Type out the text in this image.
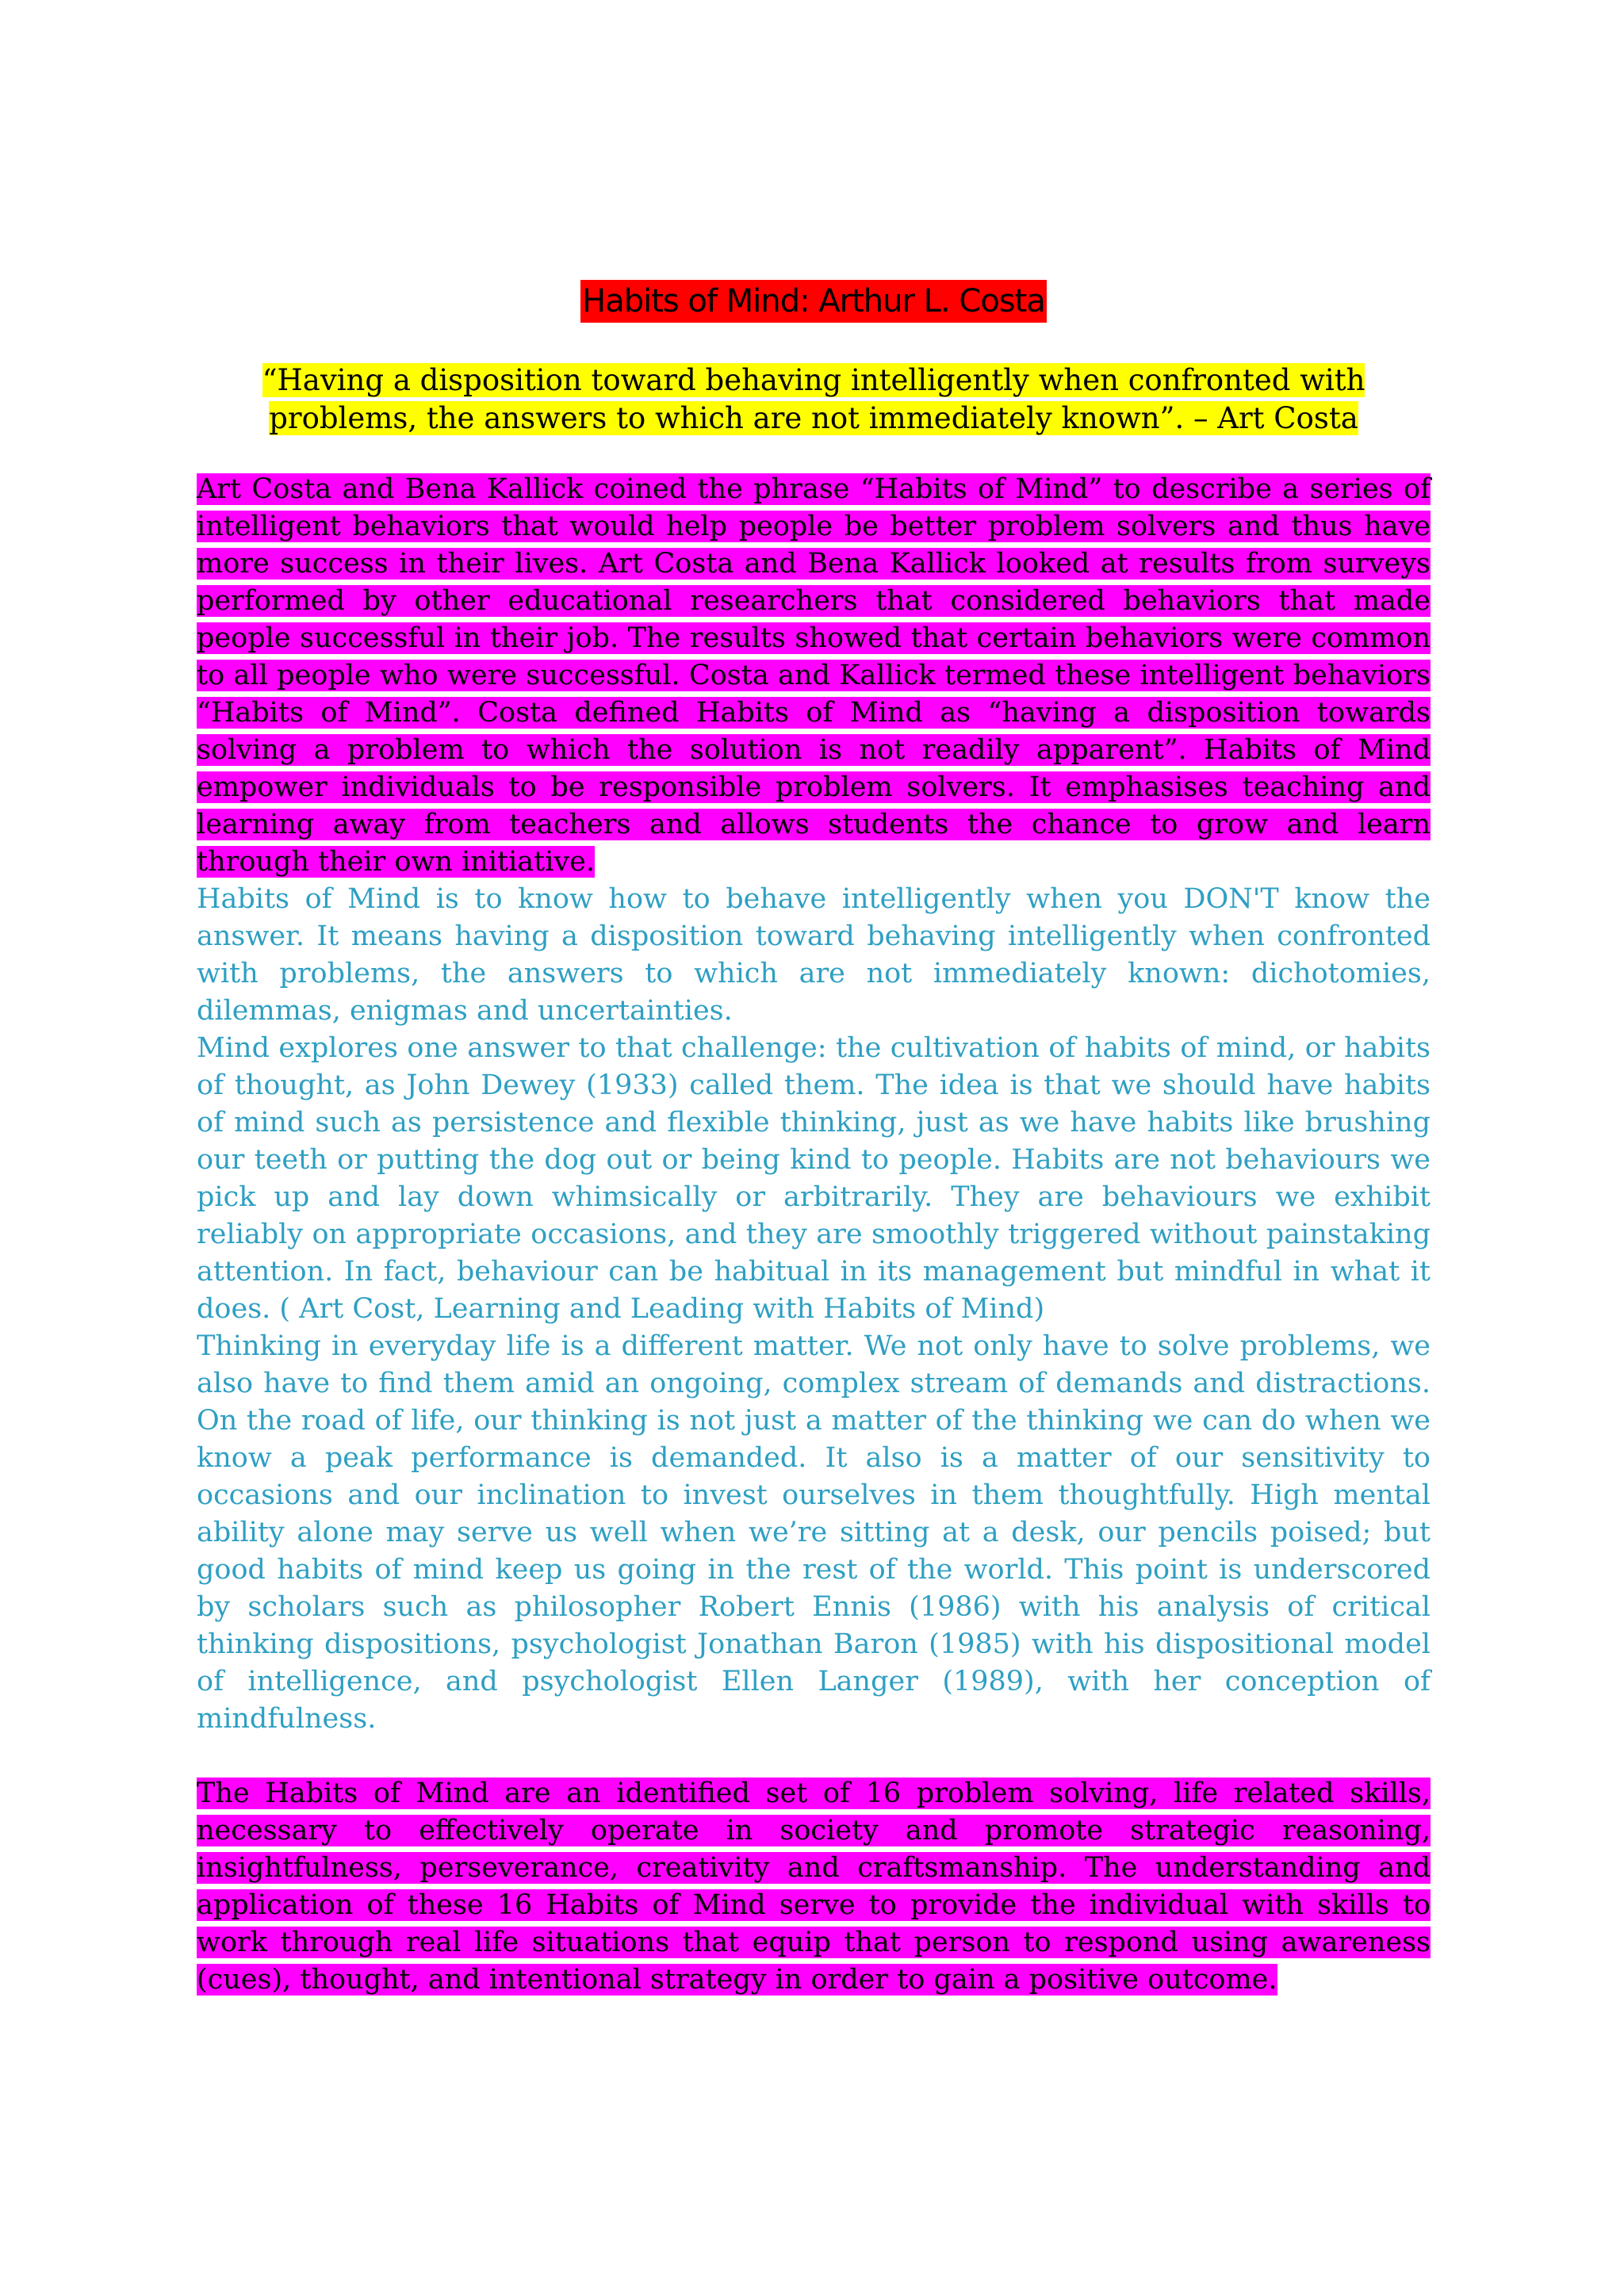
Habits of Mind: Arthur L. Costa
“Having a disposition toward behaving intelligently when confronted with problems, the answers to which are not immediately known”. – Art Costa

Art Costa and Bena Kallick coined the phrase “Habits of Mind” to describe a series of intelligent behaviors that would help people be better problem solvers and thus have more success in their lives. Art Costa and Bena Kallick looked at results from surveys performed by other educational researchers that considered behaviors that made people successful in their job. The results showed that certain behaviors were common to all people who were successful. Costa and Kallick termed these intelligent behaviors “Habits of Mind”. Costa defined Habits of Mind as “having a disposition towards solving a problem to which the solution is not readily apparent”. Habits of Mind empower individuals to be responsible problem solvers. It emphasises teaching and learning away from teachers and allows students the chance to grow and learn through their own initiative.

Habits of Mind is to know how to behave intelligently when you DON'T know the answer. It means having a disposition toward behaving intelligently when confronted with problems, the answers to which are not immediately known: dichotomies, dilemmas, enigmas and uncertainties.

Mind explores one answer to that challenge: the cultivation of habits of mind, or habits of thought, as John Dewey (1933) called them. The idea is that we should have habits of mind such as persistence and flexible thinking, just as we have habits like brushing our teeth or putting the dog out or being kind to people. Habits are not behaviours we pick up and lay down whimsically or arbitrarily. They are behaviours we exhibit reliably on appropriate occasions, and they are smoothly triggered without painstaking attention. In fact, behaviour can be habitual in its management but mindful in what it does. ( Art Cost, Learning and Leading with Habits of Mind)

Thinking in everyday life is a different matter. We not only have to solve problems, we also have to find them amid an ongoing, complex stream of demands and distractions. On the road of life, our thinking is not just a matter of the thinking we can do when we know a peak performance is demanded. It also is a matter of our sensitivity to occasions and our inclination to invest ourselves in them thoughtfully. High mental ability alone may serve us well when we’re sitting at a desk, our pencils poised; but good habits of mind keep us going in the rest of the world. This point is underscored by scholars such as philosopher Robert Ennis (1986) with his analysis of critical thinking dispositions, psychologist Jonathan Baron (1985) with his dispositional model of intelligence, and psychologist Ellen Langer (1989), with her conception of mindfulness.

The Habits of Mind are an identified set of 16 problem solving, life related skills, necessary to effectively operate in society and promote strategic reasoning, insightfulness, perseverance, creativity and craftsmanship. The understanding and application of these 16 Habits of Mind serve to provide the individual with skills to work through real life situations that equip that person to respond using awareness (cues), thought, and intentional strategy in order to gain a positive outcome.
